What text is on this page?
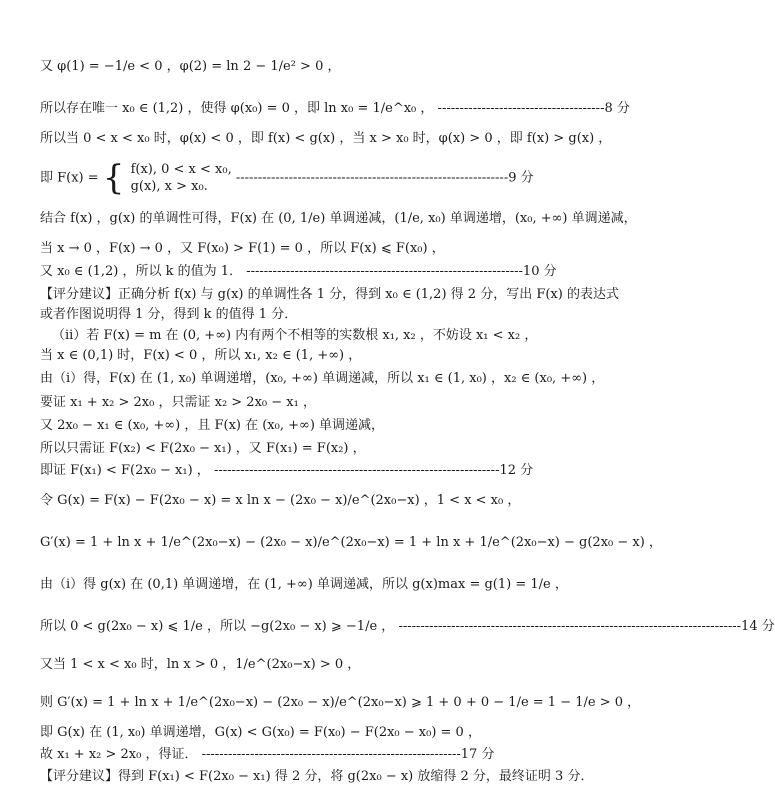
又 φ(1) = −1/e < 0 ，φ(2) = ln 2 − 1/e² > 0 ，
所以存在唯一 x₀ ∈ (1,2) ，使得 φ(x₀) = 0 ，即 ln x₀ = 1/e^x₀ ， --------------------------------------8 分
所以当 0 < x < x₀ 时，φ(x) < 0 ，即 f(x) < g(x) ，当 x > x₀ 时，φ(x) > 0 ，即 f(x) > g(x) ，
即 F(x) = { f(x), 0 < x < x₀,
g(x), x > x₀.
--------------------------------------------------------------9 分
结合 f(x) ，g(x) 的单调性可得，F(x) 在 (0, 1/e) 单调递减，(1/e, x₀) 单调递增，(x₀, +∞) 单调递减，
当 x → 0 ，F(x) → 0 ，又 F(x₀) > F(1) = 0 ，所以 F(x) ⩽ F(x₀) ，
又 x₀ ∈ (1,2) ，所以 k 的值为 1． ---------------------------------------------------------------10 分
【评分建议】正确分析 f(x) 与 g(x) 的单调性各 1 分，得到 x₀ ∈ (1,2) 得 2 分，写出 F(x) 的表达式
或者作图说明得 1 分，得到 k 的值得 1 分．
（ii）若 F(x) = m 在 (0, +∞) 内有两个不相等的实数根 x₁, x₂ ，不妨设 x₁ < x₂ ，
当 x ∈ (0,1) 时，F(x) < 0 ，所以 x₁, x₂ ∈ (1, +∞) ，
由（i）得，F(x) 在 (1, x₀) 单调递增，(x₀, +∞) 单调递减，所以 x₁ ∈ (1, x₀) ，x₂ ∈ (x₀, +∞) ，
要证 x₁ + x₂ > 2x₀ ，只需证 x₂ > 2x₀ − x₁ ，
又 2x₀ − x₁ ∈ (x₀, +∞) ，且 F(x) 在 (x₀, +∞) 单调递减，
所以只需证 F(x₂) < F(2x₀ − x₁) ，又 F(x₁) = F(x₂) ，
即证 F(x₁) < F(2x₀ − x₁) ， -----------------------------------------------------------------12 分
令 G(x) = F(x) − F(2x₀ − x) = x ln x − (2x₀ − x)/e^(2x₀−x) ，1 < x < x₀ ，
G′(x) = 1 + ln x + 1/e^(2x₀−x) − (2x₀ − x)/e^(2x₀−x) = 1 + ln x + 1/e^(2x₀−x) − g(2x₀ − x) ，
由（i）得 g(x) 在 (0,1) 单调递增，在 (1, +∞) 单调递减，所以 g(x)max = g(1) = 1/e ，
所以 0 < g(2x₀ − x) ⩽ 1/e ，所以 −g(2x₀ − x) ⩾ −1/e ， ------------------------------------------------------------------------------14 分
又当 1 < x < x₀ 时，ln x > 0 ，1/e^(2x₀−x) > 0 ，
则 G′(x) = 1 + ln x + 1/e^(2x₀−x) − (2x₀ − x)/e^(2x₀−x) ⩾ 1 + 0 + 0 − 1/e = 1 − 1/e > 0 ，
即 G(x) 在 (1, x₀) 单调递增，G(x) < G(x₀) = F(x₀) − F(2x₀ − x₀) = 0 ，
故 x₁ + x₂ > 2x₀ ，得证． -----------------------------------------------------------17 分
【评分建议】得到 F(x₁) < F(2x₀ − x₁) 得 2 分，将 g(2x₀ − x) 放缩得 2 分，最终证明 3 分．
